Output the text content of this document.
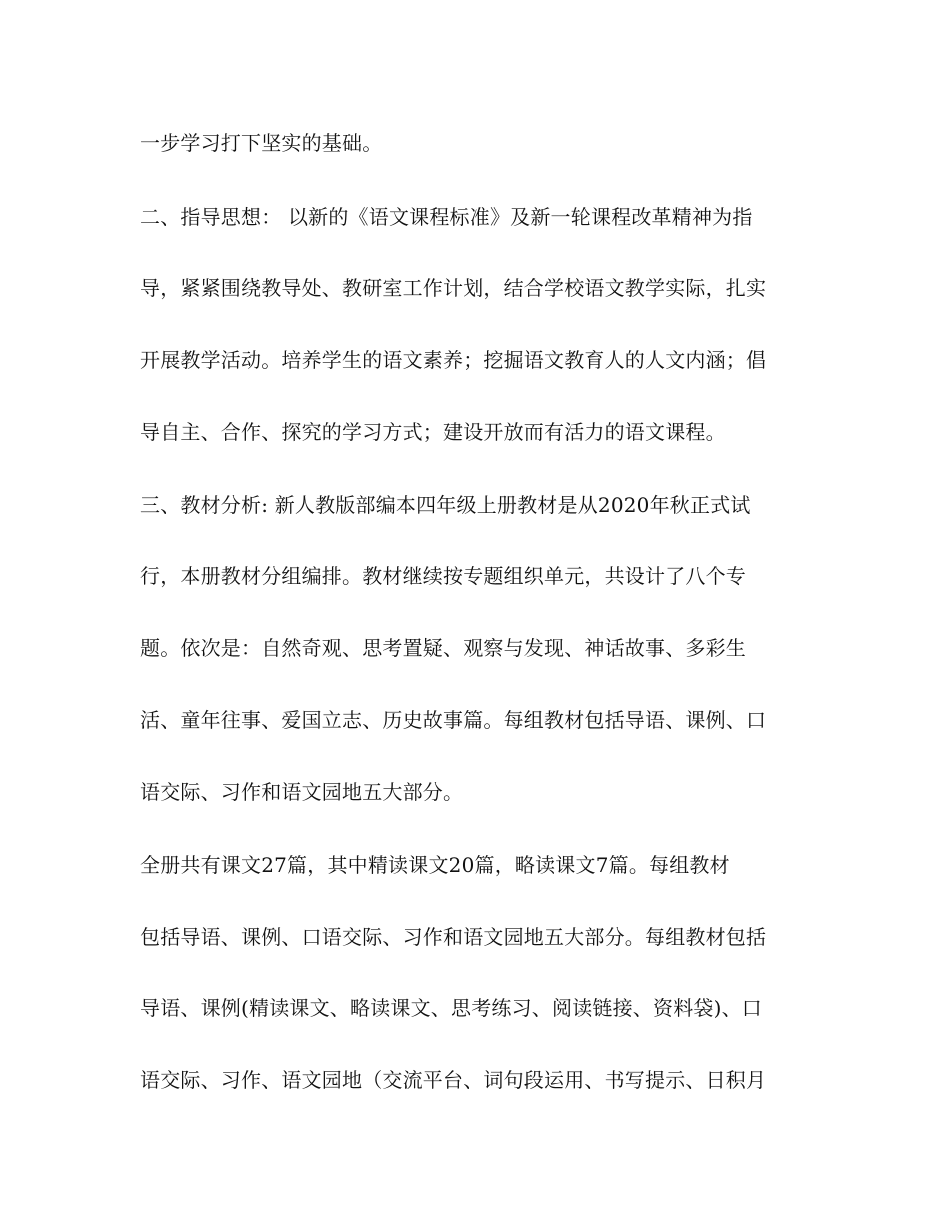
一步学习打下坚实的基础。

二、指导思想： 以新的《语文课程标准》及新一轮课程改革精神为指

导，紧紧围绕教导处、教研室工作计划，结合学校语文教学实际，扎实

开展教学活动。培养学生的语文素养；挖掘语文教育人的人文内涵；倡

导自主、合作、探究的学习方式；建设开放而有活力的语文课程。

三、教材分析: 新人教版部编本四年级上册教材是从2020年秋正式试

行，本册教材分组编排。教材继续按专题组织单元，共设计了八个专

题。依次是：自然奇观、思考置疑、观察与发现、神话故事、多彩生

活、童年往事、爱国立志、历史故事篇。每组教材包括导语、课例、口

语交际、习作和语文园地五大部分。

全册共有课文27篇，其中精读课文20篇，略读课文7篇。每组教材

包括导语、课例、口语交际、习作和语文园地五大部分。每组教材包括

导语、课例(精读课文、略读课文、思考练习、阅读链接、资料袋)、口

语交际、习作、语文园地（交流平台、词句段运用、书写提示、日积月
